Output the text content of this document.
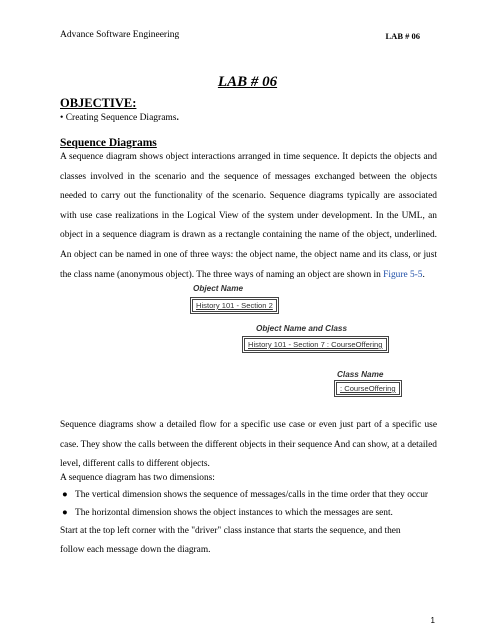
Advance Software Engineering	LAB # 06
LAB # 06
OBJECTIVE:
• Creating Sequence Diagrams.
Sequence Diagrams
A sequence diagram shows object interactions arranged in time sequence. It depicts the objects and classes involved in the scenario and the sequence of messages exchanged between the objects needed to carry out the functionality of the scenario. Sequence diagrams typically are associated with use case realizations in the Logical View of the system under development. In the UML, an object in a sequence diagram is drawn as a rectangle containing the name of the object, underlined. An object can be named in one of three ways: the object name, the object name and its class, or just the class name (anonymous object). The three ways of naming an object are shown in Figure 5-5.
Object Name
History 101 - Section 2
Object Name and Class
History 101 - Section 7 : CourseOffering
Class Name
: CourseOffering
Sequence diagrams show a detailed flow for a specific use case or even just part of a specific use case. They show the calls between the different objects in their sequence And can show, at a detailed level, different calls to different objects.
A sequence diagram has two dimensions:
● The vertical dimension shows the sequence of messages/calls in the time order that they occur
● The horizontal dimension shows the object instances to which the messages are sent.
Start at the top left corner with the "driver" class instance that starts the sequence, and then
follow each message down the diagram.
1
